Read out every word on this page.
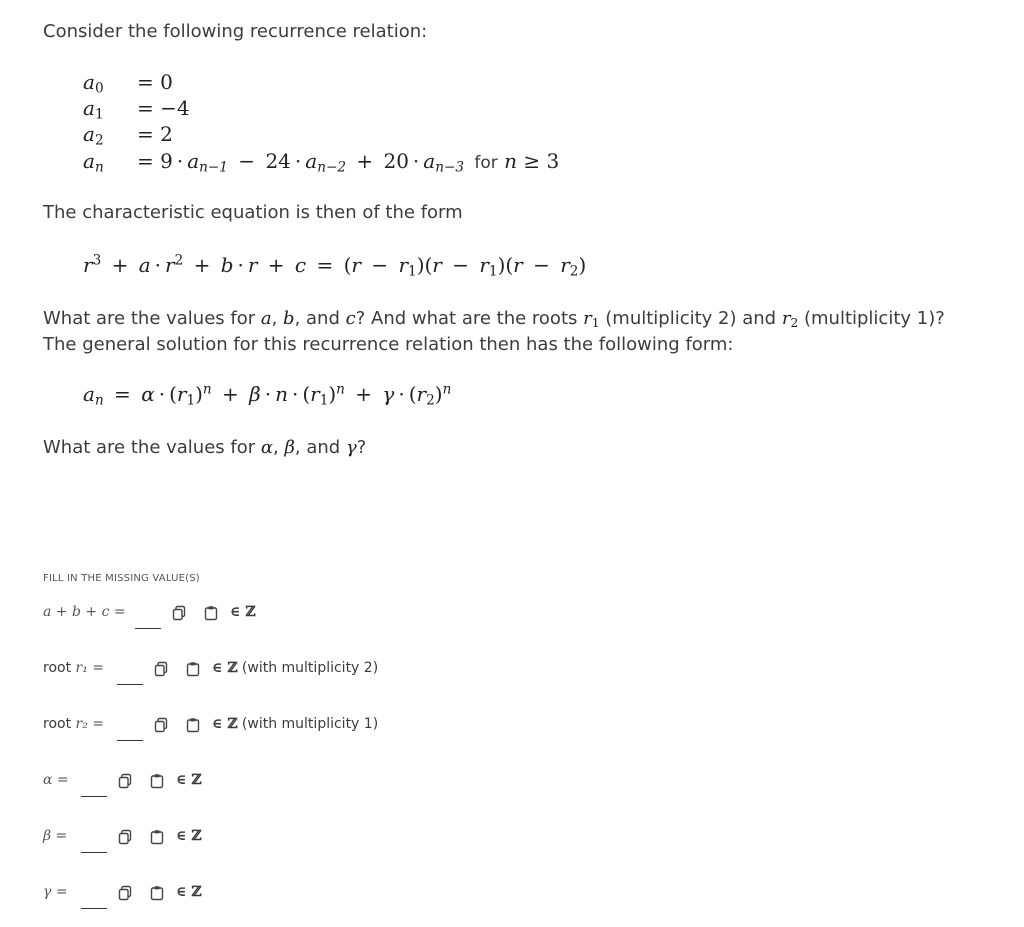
Consider the following recurrence relation:
$a_0$	= 0
$a_1$	= −4
$a_2$	= 2
$a_n$	= $9 \cdot a_{n-1} - 24 \cdot a_{n-2} + 20 \cdot a_{n-3}$ for n ≥ 3
The characteristic equation is then of the form
$r^3 + a \cdot r^2 + b \cdot r + c = (r - r_1)(r - r_1)(r - r_2)$
What are the values for a, b, and c? And what are the roots $r_1$ (multiplicity 2) and $r_2$ (multiplicity 1)?
The general solution for this recurrence relation then has the following form:
$a_n = \alpha \cdot (r_1)^n + \beta \cdot n \cdot (r_1)^n + \gamma \cdot (r_2)^n$
What are the values for α, β, and γ?
FILL IN THE MISSING VALUE(S)
a + b + c =	∈ ℤ
root r₁ =	∈ ℤ (with multiplicity 2)
root r₂ =	∈ ℤ (with multiplicity 1)
α =	∈ ℤ
β =	∈ ℤ
γ =	∈ ℤ
